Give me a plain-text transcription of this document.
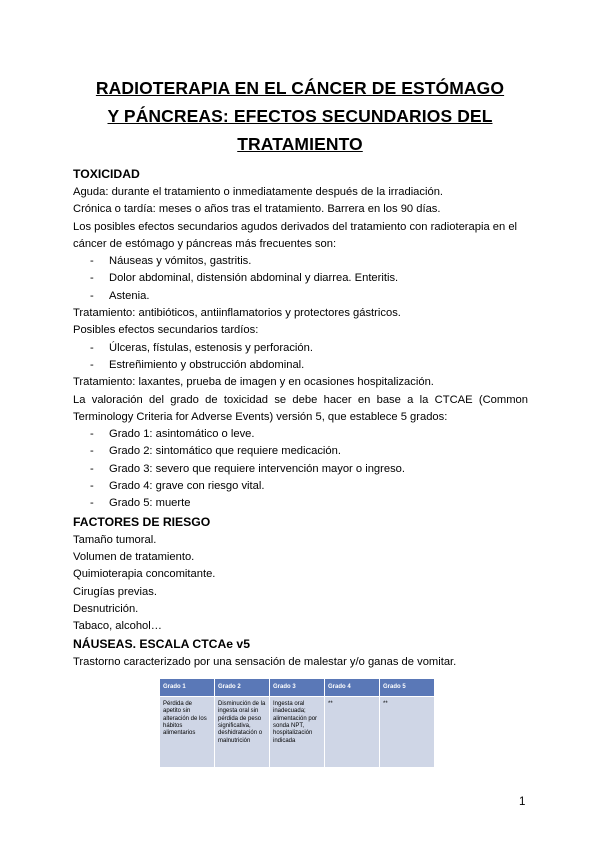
RADIOTERAPIA EN EL CÁNCER DE ESTÓMAGO
Y PÁNCREAS: EFECTOS SECUNDARIOS DEL
TRATAMIENTO

TOXICIDAD

Aguda: durante el tratamiento o inmediatamente después de la irradiación.

Crónica o tardía: meses o años tras el tratamiento. Barrera en los 90 días.

Los posibles efectos secundarios agudos derivados del tratamiento con radioterapia en el cáncer de estómago y páncreas más frecuentes son:

- Náuseas y vómitos, gastritis.
- Dolor abdominal, distensión abdominal y diarrea. Enteritis.
- Astenia.

Tratamiento: antibióticos, antiinflamatorios y protectores gástricos.

Posibles efectos secundarios tardíos:

- Úlceras, fístulas, estenosis y perforación.
- Estreñimiento y obstrucción abdominal.

Tratamiento: laxantes, prueba de imagen y en ocasiones hospitalización.

La valoración del grado de toxicidad se debe hacer en base a la CTCAE (Common Terminology Criteria for Adverse Events) versión 5, que establece 5 grados:

- Grado 1: asintomático o leve.
- Grado 2: sintomático que requiere medicación.
- Grado 3: severo que requiere intervención mayor o ingreso.
- Grado 4: grave con riesgo vital.
- Grado 5: muerte

FACTORES DE RIESGO

Tamaño tumoral.

Volumen de tratamiento.

Quimioterapia concomitante.

Cirugías previas.

Desnutrición.

Tabaco, alcohol…

NÁUSEAS. ESCALA CTCAe v5

Trastorno caracterizado por una sensación de malestar y/o ganas de vomitar.

Grado 1	Grado 2	Grado 3	Grado 4	Grado 5
Pérdida de apetito sin alteración de los hábitos alimentarios	Disminución de la ingesta oral sin pérdida de peso significativa, deshidratación o malnutrición	Ingesta oral inadecuada; alimentación por sonda NPT, hospitalización indicada	**	**
1
